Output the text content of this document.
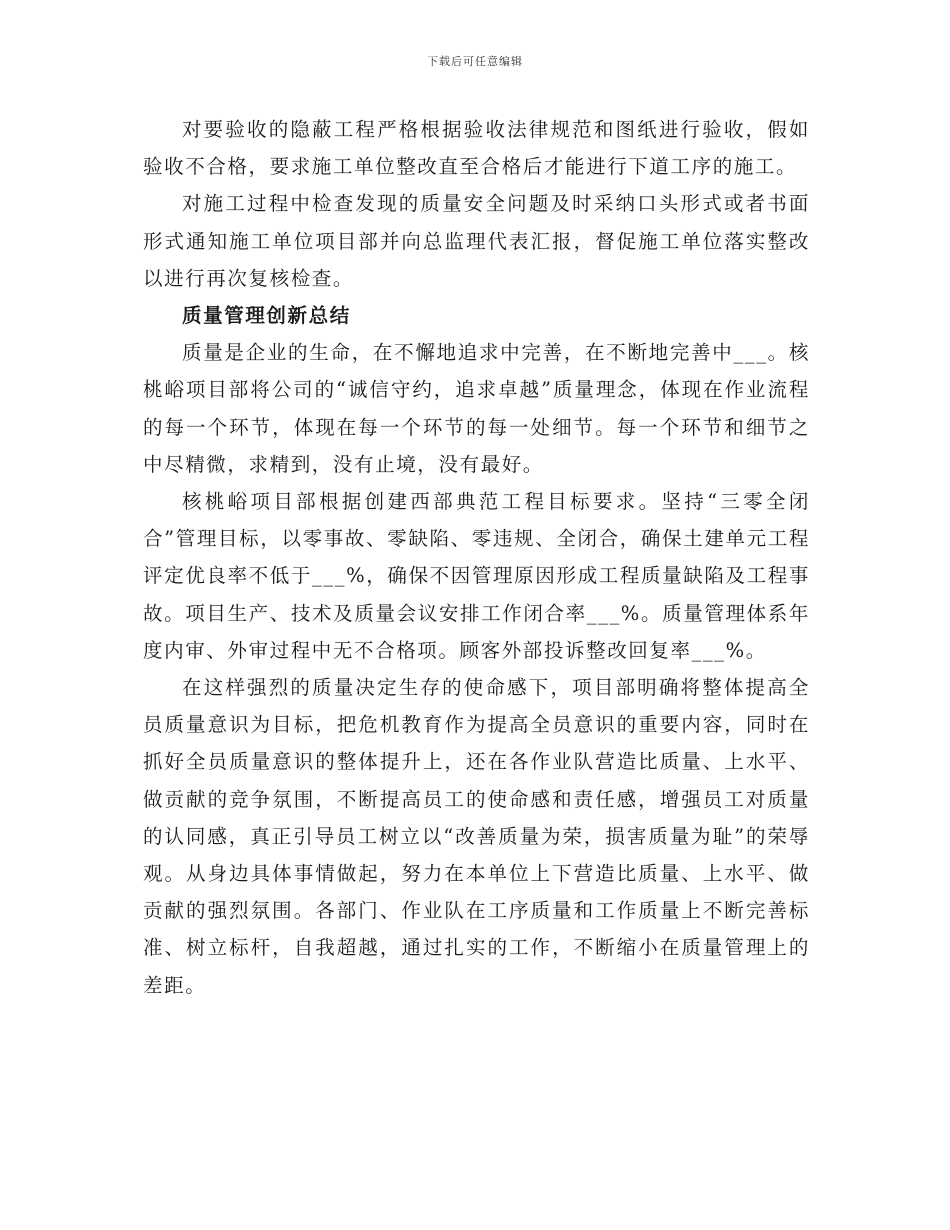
下载后可任意编辑

对要验收的隐蔽工程严格根据验收法律规范和图纸进行验收，假如验收不合格，要求施工单位整改直至合格后才能进行下道工序的施工。

对施工过程中检查发现的质量安全问题及时采纳口头形式或者书面形式通知施工单位项目部并向总监理代表汇报，督促施工单位落实整改以进行再次复核检查。

质量管理创新总结

质量是企业的生命，在不懈地追求中完善，在不断地完善中___。核桃峪项目部将公司的“诚信守约，追求卓越”质量理念，体现在作业流程的每一个环节，体现在每一个环节的每一处细节。每一个环节和细节之中尽精微，求精到，没有止境，没有最好。

核桃峪项目部根据创建西部典范工程目标要求。坚持“三零全闭合”管理目标，以零事故、零缺陷、零违规、全闭合，确保土建单元工程评定优良率不低于___%，确保不因管理原因形成工程质量缺陷及工程事故。项目生产、技术及质量会议安排工作闭合率___%。质量管理体系年度内审、外审过程中无不合格项。顾客外部投诉整改回复率___%。

在这样强烈的质量决定生存的使命感下，项目部明确将整体提高全员质量意识为目标，把危机教育作为提高全员意识的重要内容，同时在抓好全员质量意识的整体提升上，还在各作业队营造比质量、上水平、做贡献的竞争氛围，不断提高员工的使命感和责任感，增强员工对质量的认同感，真正引导员工树立以“改善质量为荣，损害质量为耻”的荣辱观。从身边具体事情做起，努力在本单位上下营造比质量、上水平、做贡献的强烈氛围。各部门、作业队在工序质量和工作质量上不断完善标准、树立标杆，自我超越，通过扎实的工作，不断缩小在质量管理上的差距。
